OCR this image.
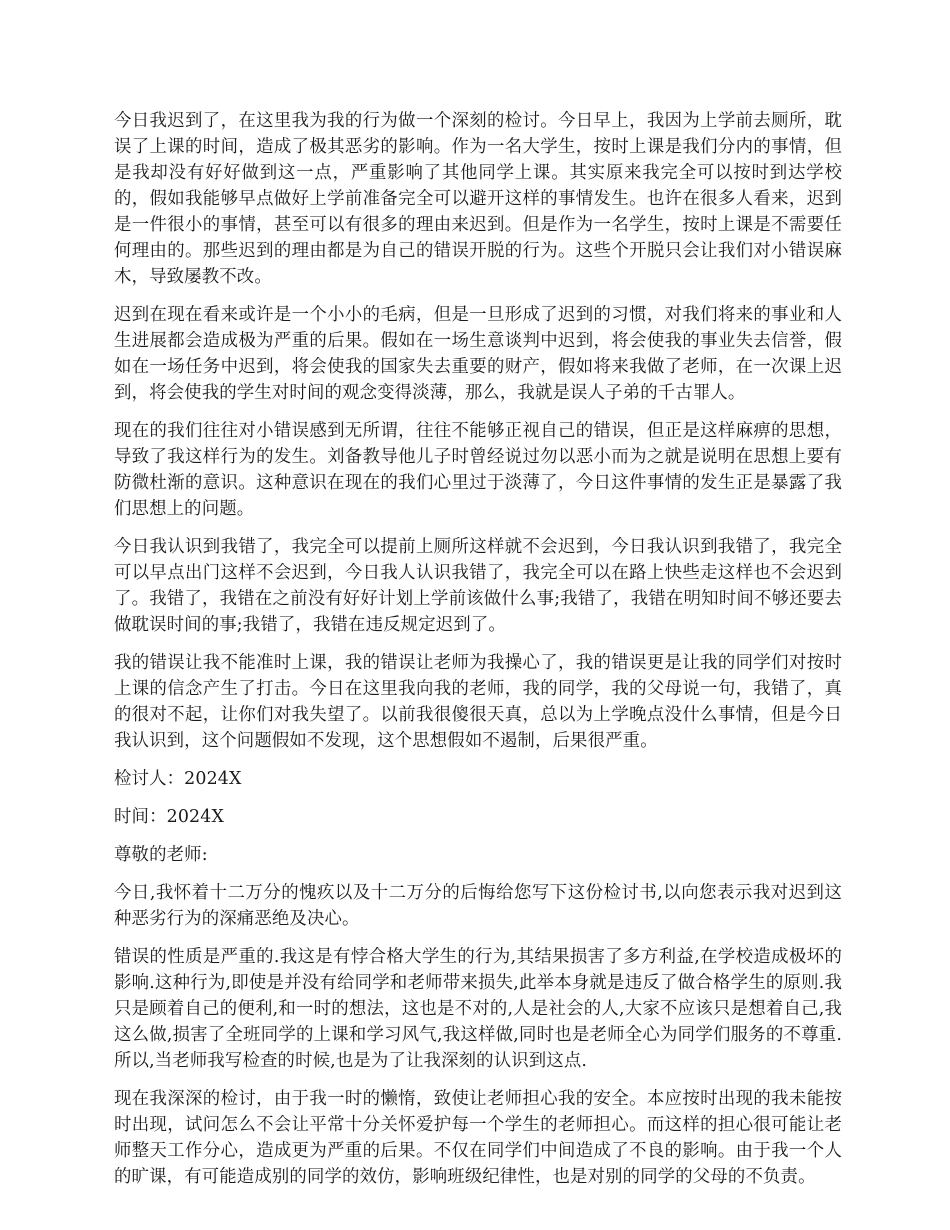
今日我迟到了，在这里我为我的行为做一个深刻的检讨。今日早上，我因为上学前去厕所，耽误了上课的时间，造成了极其恶劣的影响。作为一名大学生，按时上课是我们分内的事情，但是我却没有好好做到这一点，严重影响了其他同学上课。其实原来我完全可以按时到达学校的，假如我能够早点做好上学前准备完全可以避开这样的事情发生。也许在很多人看来，迟到是一件很小的事情，甚至可以有很多的理由来迟到。但是作为一名学生，按时上课是不需要任何理由的。那些迟到的理由都是为自己的错误开脱的行为。这些个开脱只会让我们对小错误麻木，导致屡教不改。

迟到在现在看来或许是一个小小的毛病，但是一旦形成了迟到的习惯，对我们将来的事业和人生进展都会造成极为严重的后果。假如在一场生意谈判中迟到，将会使我的事业失去信誉，假如在一场任务中迟到，将会使我的国家失去重要的财产，假如将来我做了老师，在一次课上迟到，将会使我的学生对时间的观念变得淡薄，那么，我就是误人子弟的千古罪人。

现在的我们往往对小错误感到无所谓，往往不能够正视自己的错误，但正是这样麻痹的思想，导致了我这样行为的发生。刘备教导他儿子时曾经说过勿以恶小而为之就是说明在思想上要有防微杜渐的意识。这种意识在现在的我们心里过于淡薄了，今日这件事情的发生正是暴露了我们思想上的问题。

今日我认识到我错了，我完全可以提前上厕所这样就不会迟到，今日我认识到我错了，我完全可以早点出门这样不会迟到，今日我人认识我错了，我完全可以在路上快些走这样也不会迟到了。我错了，我错在之前没有好好计划上学前该做什么事;我错了，我错在明知时间不够还要去做耽误时间的事;我错了，我错在违反规定迟到了。

我的错误让我不能准时上课，我的错误让老师为我操心了，我的错误更是让我的同学们对按时上课的信念产生了打击。今日在这里我向我的老师，我的同学，我的父母说一句，我错了，真的很对不起，让你们对我失望了。以前我很傻很天真，总以为上学晚点没什么事情，但是今日我认识到，这个问题假如不发现，这个思想假如不遏制，后果很严重。

检讨人：2024X

时间：2024X

尊敬的老师:

今日,我怀着十二万分的愧疚以及十二万分的后悔给您写下这份检讨书,以向您表示我对迟到这种恶劣行为的深痛恶绝及决心。

错误的性质是严重的.我这是有悖合格大学生的行为,其结果损害了多方利益,在学校造成极坏的影响.这种行为,即使是并没有给同学和老师带来损失,此举本身就是违反了做合格学生的原则.我只是顾着自己的便利,和一时的想法，这也是不对的,人是社会的人,大家不应该只是想着自己,我这么做,损害了全班同学的上课和学习风气,我这样做,同时也是老师全心为同学们服务的不尊重.所以,当老师我写检查的时候,也是为了让我深刻的认识到这点.

现在我深深的检讨，由于我一时的懒惰，致使让老师担心我的安全。本应按时出现的我未能按时出现，试问怎么不会让平常十分关怀爱护每一个学生的老师担心。而这样的担心很可能让老师整天工作分心，造成更为严重的后果。不仅在同学们中间造成了不良的影响。由于我一个人的旷课，有可能造成别的同学的效仿，影响班级纪律性，也是对别的同学的父母的不负责。
